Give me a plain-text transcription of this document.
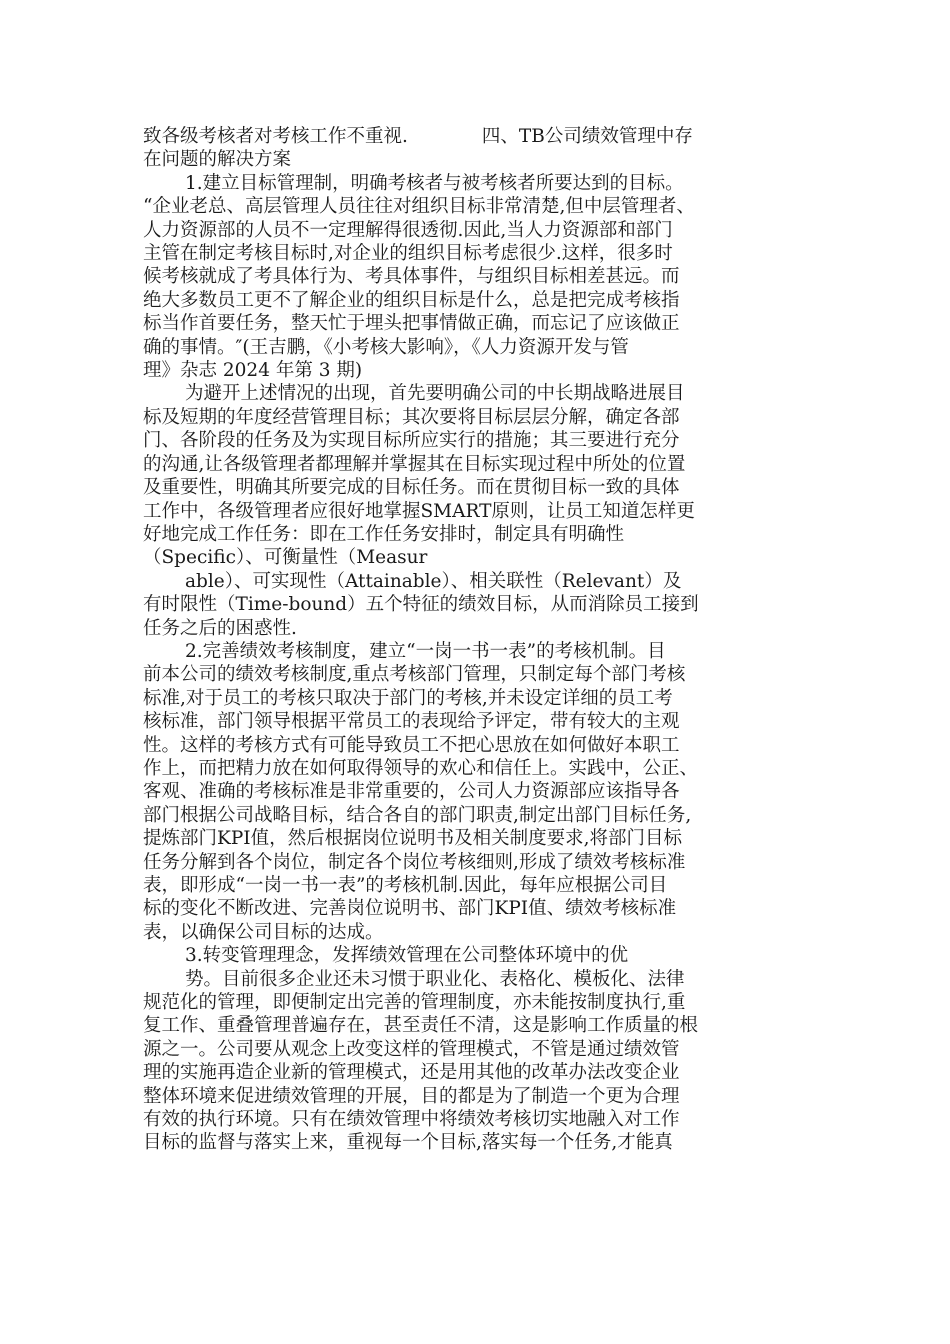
致各级考核者对考核工作不重视.　　　　四、TB公司绩效管理中存
在问题的解决方案
1.建立目标管理制，明确考核者与被考核者所要达到的目标。
“企业老总、高层管理人员往往对组织目标非常清楚,但中层管理者、
人力资源部的人员不一定理解得很透彻.因此,当人力资源部和部门
主管在制定考核目标时,对企业的组织目标考虑很少.这样，很多时
候考核就成了考具体行为、考具体事件，与组织目标相差甚远。而
绝大多数员工更不了解企业的组织目标是什么，总是把完成考核指
标当作首要任务，整天忙于埋头把事情做正确，而忘记了应该做正
确的事情。″(王吉鹏，《小考核大影响》，《人力资源开发与管
理》杂志 2024 年第 3 期)
为避开上述情况的出现，首先要明确公司的中长期战略进展目
标及短期的年度经营管理目标；其次要将目标层层分解，确定各部
门、各阶段的任务及为实现目标所应实行的措施；其三要进行充分
的沟通,让各级管理者都理解并掌握其在目标实现过程中所处的位置
及重要性，明确其所要完成的目标任务。而在贯彻目标一致的具体
工作中，各级管理者应很好地掌握SMART原则，让员工知道怎样更
好地完成工作任务：即在工作任务安排时，制定具有明确性
（Specific）、可衡量性（Measur
able）、可实现性（Attainable）、相关联性（Relevant）及
有时限性（Time-bound）五个特征的绩效目标，从而消除员工接到
任务之后的困惑性.
2.完善绩效考核制度，建立“一岗一书一表”的考核机制。目
前本公司的绩效考核制度,重点考核部门管理，只制定每个部门考核
标准,对于员工的考核只取决于部门的考核,并未设定详细的员工考
核标准，部门领导根据平常员工的表现给予评定，带有较大的主观
性。这样的考核方式有可能导致员工不把心思放在如何做好本职工
作上，而把精力放在如何取得领导的欢心和信任上。实践中，公正、
客观、准确的考核标准是非常重要的，公司人力资源部应该指导各
部门根据公司战略目标，结合各自的部门职责,制定出部门目标任务,
提炼部门KPI值，然后根据岗位说明书及相关制度要求,将部门目标
任务分解到各个岗位，制定各个岗位考核细则,形成了绩效考核标准
表，即形成“一岗一书一表”的考核机制.因此，每年应根据公司目
标的变化不断改进、完善岗位说明书、部门KPI值、绩效考核标准
表，以确保公司目标的达成。
3.转变管理理念，发挥绩效管理在公司整体环境中的优
势。目前很多企业还未习惯于职业化、表格化、模板化、法律
规范化的管理，即便制定出完善的管理制度，亦未能按制度执行,重
复工作、重叠管理普遍存在，甚至责任不清，这是影响工作质量的根
源之一。公司要从观念上改变这样的管理模式，不管是通过绩效管
理的实施再造企业新的管理模式，还是用其他的改革办法改变企业
整体环境来促进绩效管理的开展，目的都是为了制造一个更为合理
有效的执行环境。只有在绩效管理中将绩效考核切实地融入对工作
目标的监督与落实上来，重视每一个目标,落实每一个任务,才能真
